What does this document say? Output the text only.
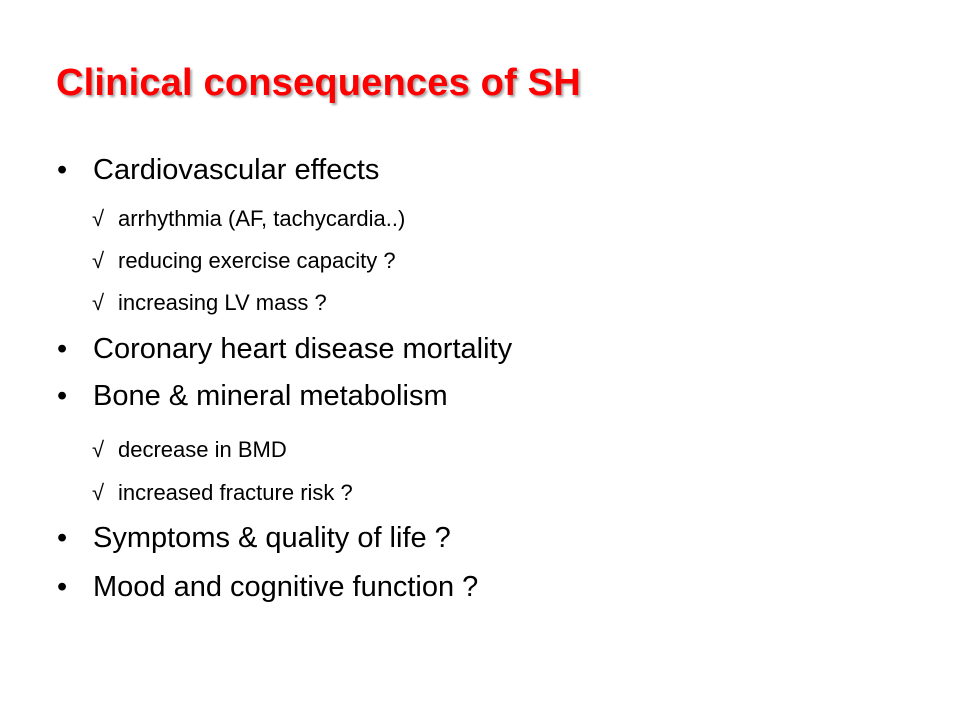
Clinical consequences of SH
• Cardiovascular effects
√ arrhythmia (AF, tachycardia..)
√ reducing exercise capacity ?
√ increasing LV mass ?
• Coronary heart disease mortality
• Bone & mineral metabolism
√ decrease in BMD
√ increased fracture risk ?
• Symptoms & quality of life ?
• Mood and cognitive function ?
